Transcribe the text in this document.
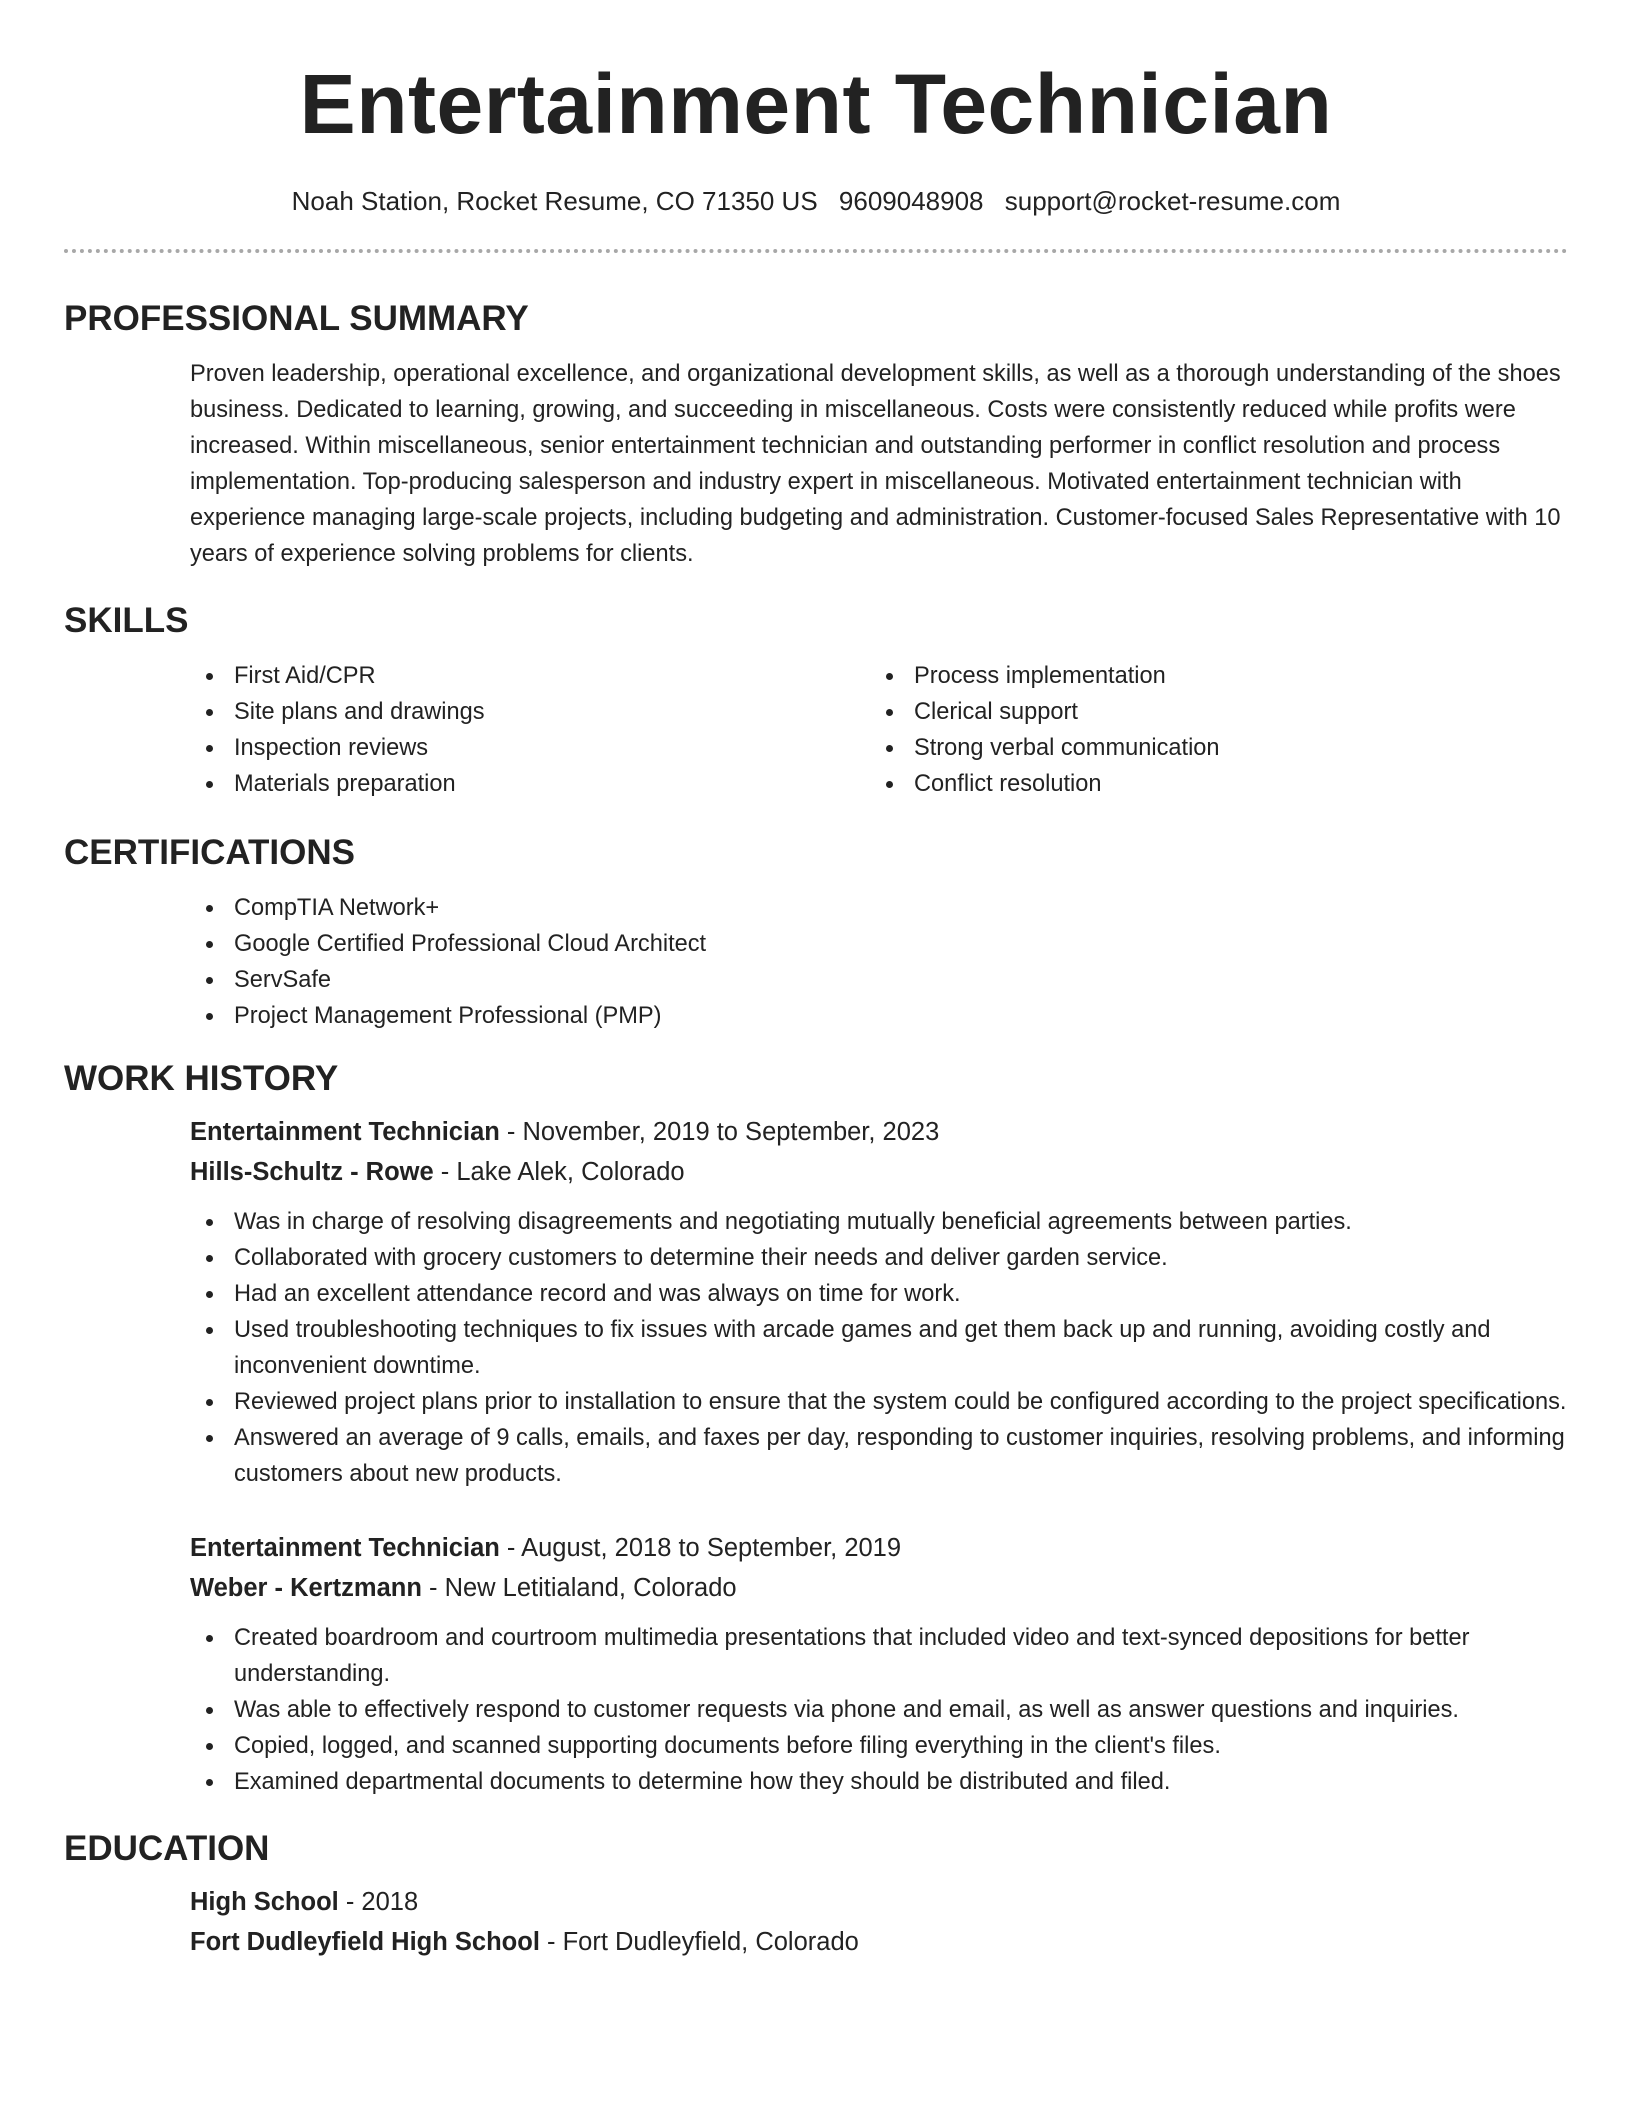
Entertainment Technician
Noah Station, Rocket Resume, CO 71350 US 9609048908 support@rocket-resume.com
PROFESSIONAL SUMMARY

Proven leadership, operational excellence, and organizational development skills, as well as a thorough understanding of the shoes business. Dedicated to learning, growing, and succeeding in miscellaneous. Costs were consistently reduced while profits were increased. Within miscellaneous, senior entertainment technician and outstanding performer in conflict resolution and process implementation. Top-producing salesperson and industry expert in miscellaneous. Motivated entertainment technician with experience managing large-scale projects, including budgeting and administration. Customer-focused Sales Representative with 10 years of experience solving problems for clients.

SKILLS
First Aid/CPR
Site plans and drawings
Inspection reviews
Materials preparation
Process implementation
Clerical support
Strong verbal communication
Conflict resolution
CERTIFICATIONS
CompTIA Network+
Google Certified Professional Cloud Architect
ServSafe
Project Management Professional (PMP)
WORK HISTORY
Entertainment Technician - November, 2019 to September, 2023
Hills-Schultz - Rowe - Lake Alek, Colorado
Was in charge of resolving disagreements and negotiating mutually beneficial agreements between parties.
Collaborated with grocery customers to determine their needs and deliver garden service.
Had an excellent attendance record and was always on time for work.
Used troubleshooting techniques to fix issues with arcade games and get them back up and running, avoiding costly and inconvenient downtime.
Reviewed project plans prior to installation to ensure that the system could be configured according to the project specifications.
Answered an average of 9 calls, emails, and faxes per day, responding to customer inquiries, resolving problems, and informing customers about new products.
Entertainment Technician - August, 2018 to September, 2019
Weber - Kertzmann - New Letitialand, Colorado
Created boardroom and courtroom multimedia presentations that included video and text-synced depositions for better understanding.
Was able to effectively respond to customer requests via phone and email, as well as answer questions and inquiries.
Copied, logged, and scanned supporting documents before filing everything in the client's files.
Examined departmental documents to determine how they should be distributed and filed.
EDUCATION
High School - 2018
Fort Dudleyfield High School - Fort Dudleyfield, Colorado
